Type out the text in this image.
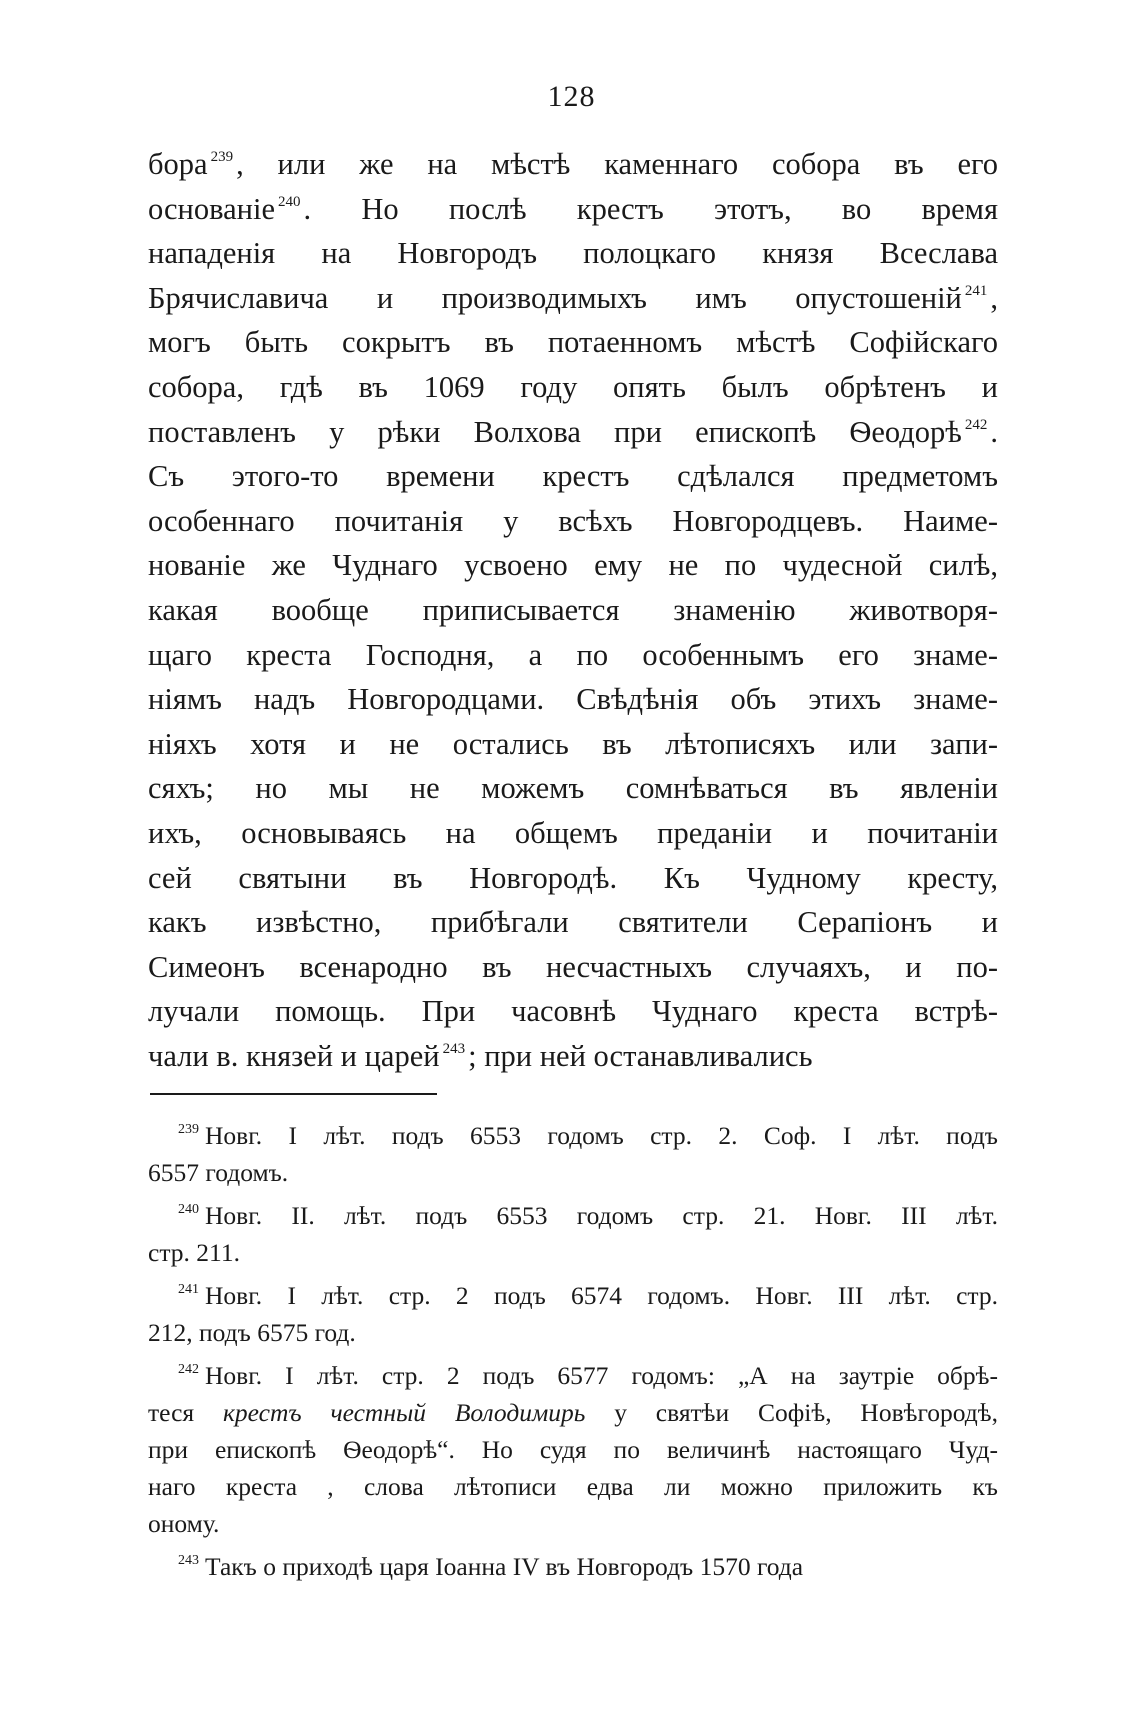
128
бора $^{239}$, или же на мѣстѣ каменнаго собора въ его
основаніе $^{240}$. Но послѣ крестъ этотъ, во время
нападенія на Новгородъ полоцкаго князя Всеслава
Брячиславича и производимыхъ имъ опустошеній $^{241}$,
могъ быть сокрытъ въ потаенномъ мѣстѣ Софійскаго
собора, гдѣ въ 1069 году опять былъ обрѣтенъ и
поставленъ у рѣки Волхова при епископѣ Ѳеодорѣ $^{242}$.
Съ этого-то времени крестъ сдѣлался предметомъ
особеннаго почитанія у всѣхъ Новгородцевъ. Наиме-
нованіе же Чуднаго усвоено ему не по чудесной силѣ,
какая вообще приписывается знаменію животворя-
щаго креста Господня, а по особеннымъ его знаме-
ніямъ надъ Новгородцами. Свѣдѣнія объ этихъ знаме-
ніяхъ хотя и не остались въ лѣтописяхъ или запи-
сяхъ; но мы не можемъ сомнѣваться въ явленіи
ихъ, основываясь на общемъ преданіи и почитаніи
сей святыни въ Новгородѣ. Къ Чудному кресту,
какъ извѣстно, прибѣгали святители Серапіонъ и
Симеонъ всенародно въ несчастныхъ случаяхъ, и по-
лучали помощь. При часовнѣ Чуднаго креста встрѣ-
чали в. князей и царей $^{243}$; при ней останавливались
$^{239}$ Новг. I лѣт. подъ 6553 годомъ стр. 2. Соф. I лѣт. подъ
6557 годомъ.
$^{240}$ Новг. II. лѣт. подъ 6553 годомъ стр. 21. Новг. III лѣт.
стр. 211.
$^{241}$ Новг. I лѣт. стр. 2 подъ 6574 годомъ. Новг. III лѣт. стр.
212, подъ 6575 год.
$^{242}$ Новг. I лѣт. стр. 2 подъ 6577 годомъ: „А на заутріе обрѣ-
теся крестъ честный Володимирь у святѣи Софіѣ, Новѣгородѣ,
при епископѣ Ѳеодорѣ“. Но судя по величинѣ настоящаго Чуд-
наго креста , слова лѣтописи едва ли можно приложить къ
оному.
$^{243}$ Такъ о приходѣ царя Іоанна IV въ Новгородъ 1570 года
